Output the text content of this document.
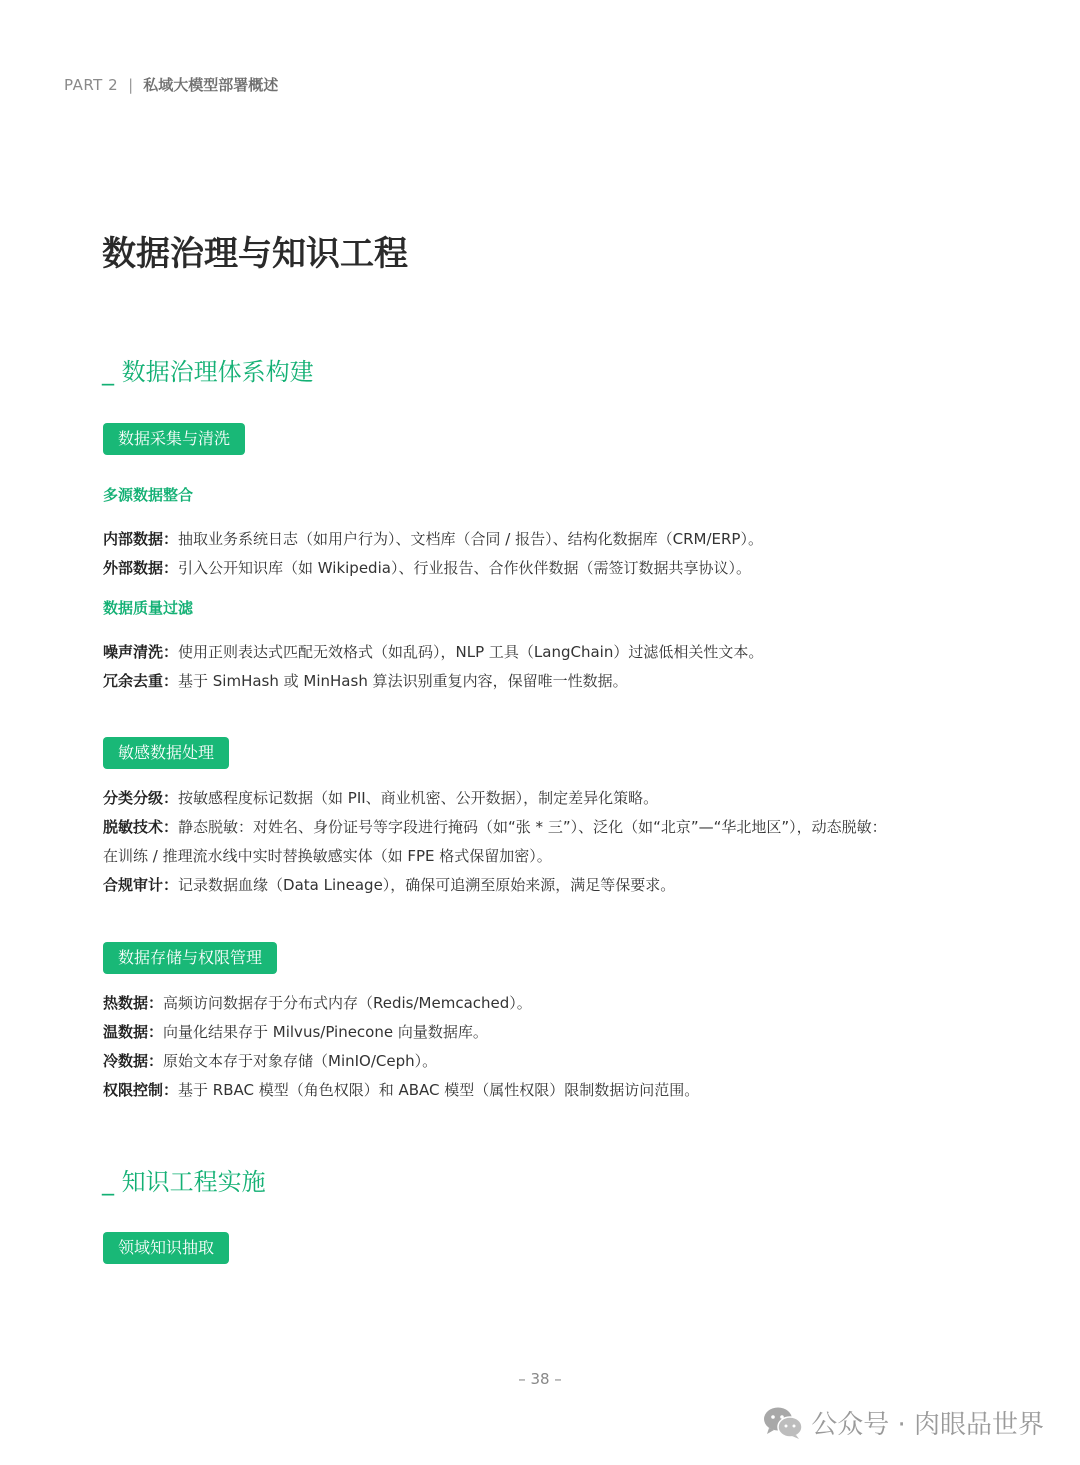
PART 2 | 私域大模型部署概述
数据治理与知识工程
_ 数据治理体系构建
数据采集与清洗
多源数据整合
内部数据：抽取业务系统日志（如用户行为）、文档库（合同 / 报告）、结构化数据库（CRM/ERP）。
外部数据：引入公开知识库（如 Wikipedia）、行业报告、合作伙伴数据（需签订数据共享协议）。
数据质量过滤
噪声清洗：使用正则表达式匹配无效格式（如乱码），NLP 工具（LangChain）过滤低相关性文本。
冗余去重：基于 SimHash 或 MinHash 算法识别重复内容，保留唯一性数据。
敏感数据处理
分类分级：按敏感程度标记数据（如 PII、商业机密、公开数据），制定差异化策略。
脱敏技术：静态脱敏：对姓名、身份证号等字段进行掩码（如“张 * 三”）、泛化（如“北京”—“华北地区”），动态脱敏：
在训练 / 推理流水线中实时替换敏感实体（如 FPE 格式保留加密）。
合规审计：记录数据血缘（Data Lineage），确保可追溯至原始来源，满足等保要求。
数据存储与权限管理
热数据：高频访问数据存于分布式内存（Redis/Memcached）。
温数据：向量化结果存于 Milvus/Pinecone 向量数据库。
冷数据：原始文本存于对象存储（MinIO/Ceph）。
权限控制：基于 RBAC 模型（角色权限）和 ABAC 模型（属性权限）限制数据访问范围。
_ 知识工程实施
领域知识抽取
– 38 –
公众号 · 肉眼品世界
